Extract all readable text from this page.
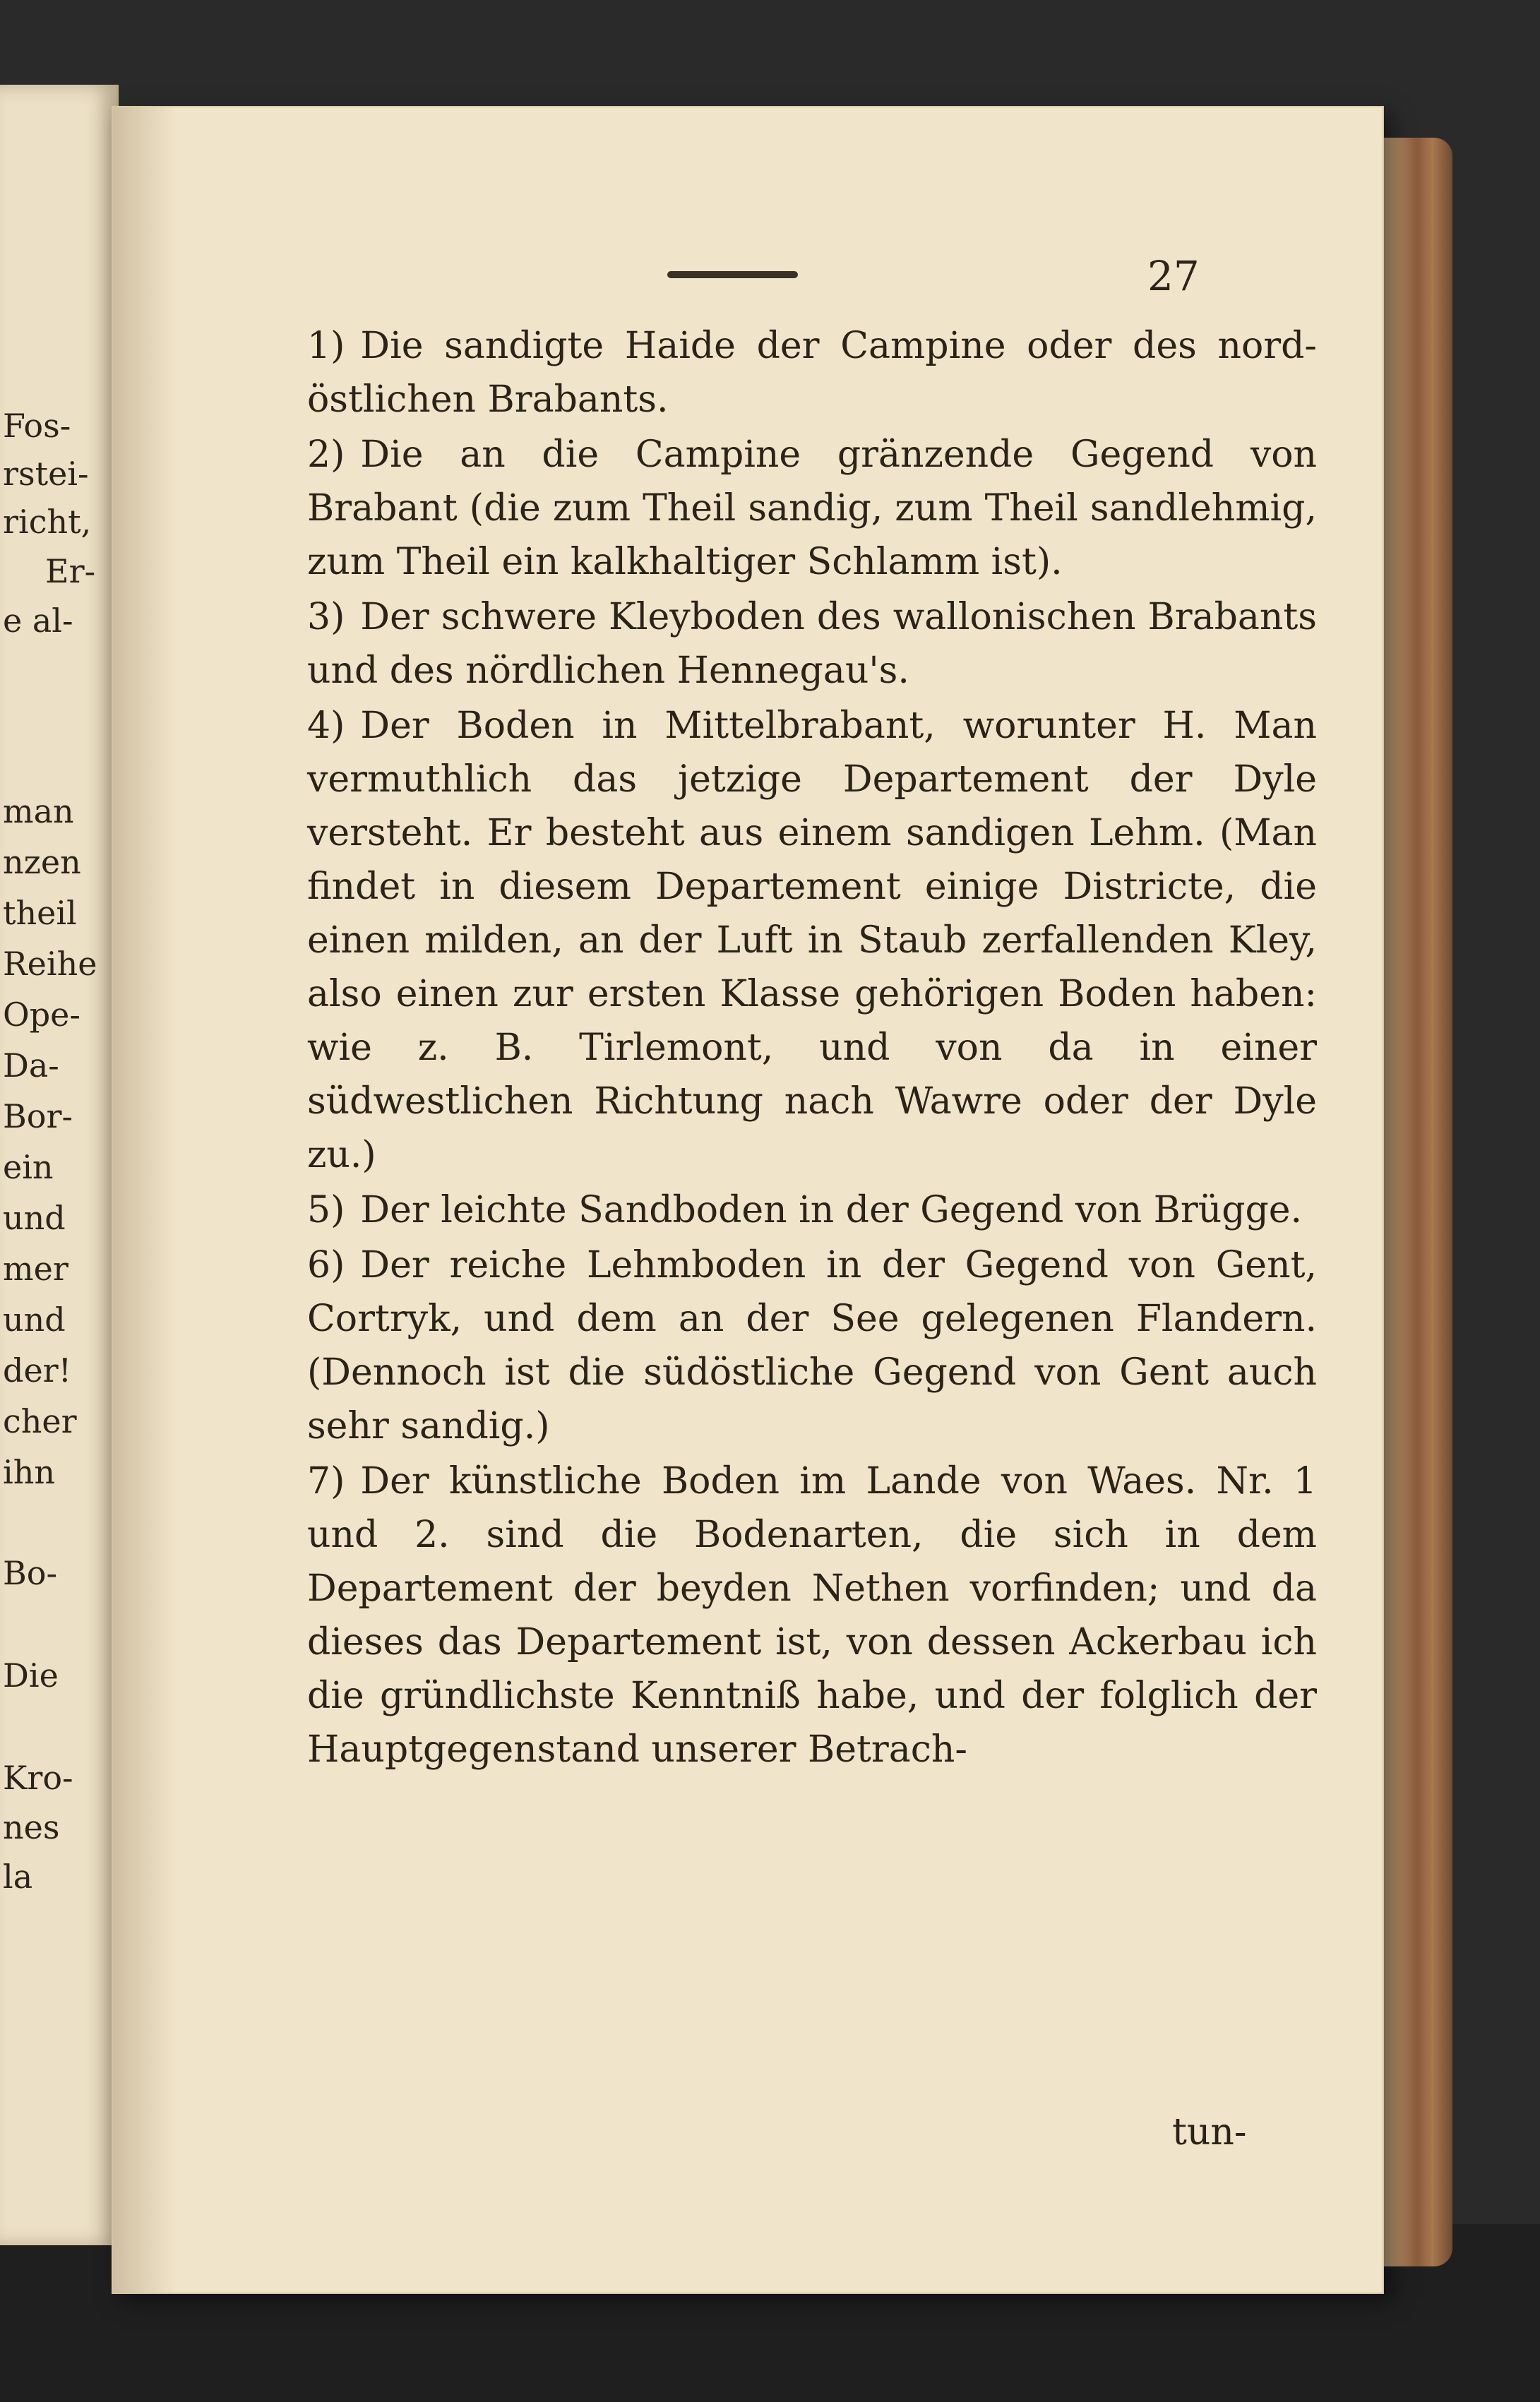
Fos-
rstei-
richt,
Er-
e al-
man
nzen
theil
Reihe
Ope-
Da-
Bor-
ein
und
mer
und
der!
cher
ihn
Bo-
Die
Kro-
nes
la
27
1) Die sandigte Haide der Campine oder des nord-östlichen Brabants.
2) Die an die Campine gränzende Gegend von Brabant (die zum Theil sandig, zum Theil sandlehmig, zum Theil ein kalkhaltiger Schlamm ist).
3) Der schwere Kleyboden des wallonischen Brabants und des nördlichen Hennegau's.
4) Der Boden in Mittelbrabant, worunter H. Man vermuthlich das jetzige Departement der Dyle versteht. Er besteht aus einem sandigen Lehm. (Man findet in diesem Departement einige Districte, die einen milden, an der Luft in Staub zerfallenden Kley, also einen zur ersten Klasse gehörigen Boden haben: wie z. B. Tirlemont, und von da in einer südwestlichen Richtung nach Wawre oder der Dyle zu.)
5) Der leichte Sandboden in der Gegend von Brügge.
6) Der reiche Lehmboden in der Gegend von Gent, Cortryk, und dem an der See gelegenen Flandern. (Dennoch ist die südöstliche Gegend von Gent auch sehr sandig.)
7) Der künstliche Boden im Lande von Waes. Nr. 1 und 2. sind die Bodenarten, die sich in dem Departement der beyden Nethen vorfinden; und da dieses das Departement ist, von dessen Ackerbau ich die gründlichste Kenntniß habe, und der folglich der Hauptgegenstand unserer Betrach-
tun-
